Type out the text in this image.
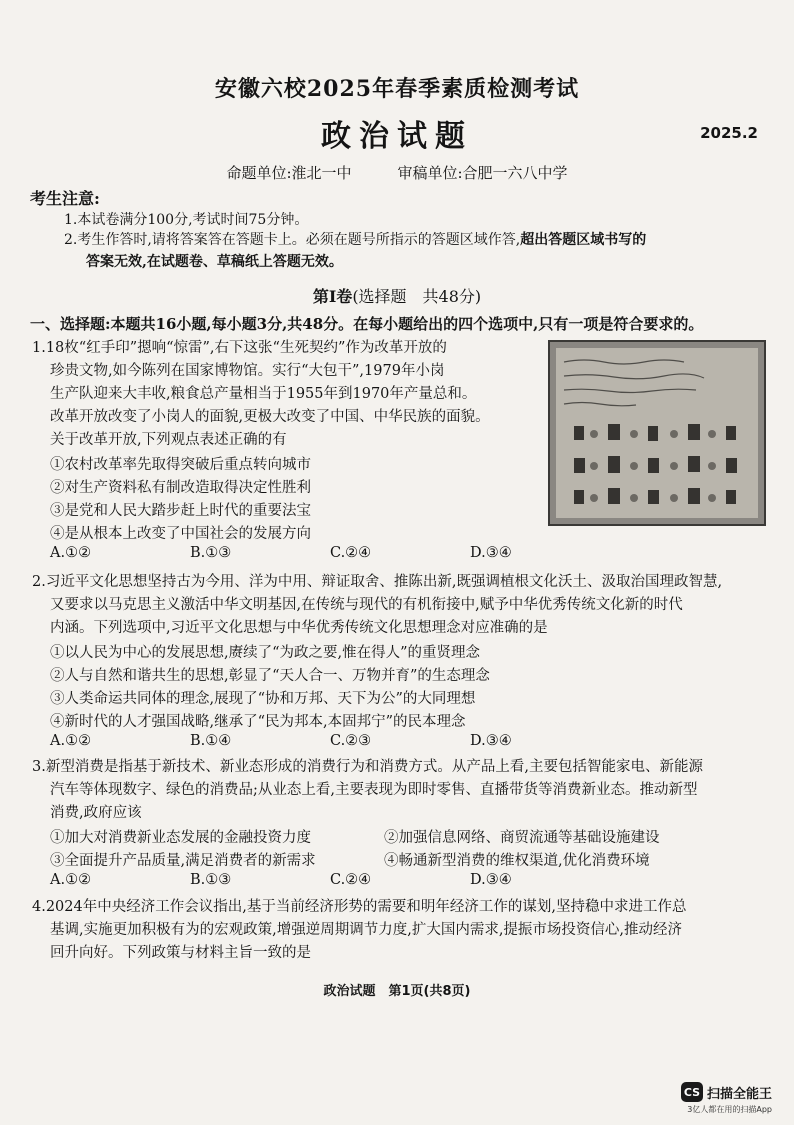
安徽六校2025年春季素质检测考试
政治试题	2025.2
命题单位:淮北一中	审稿单位:合肥一六八中学
考生注意:
1.本试卷满分100分,考试时间75分钟。
2.考生作答时,请将答案答在答题卡上。必须在题号所指示的答题区域作答,超出答题区域书写的
答案无效,在试题卷、草稿纸上答题无效。
第Ⅰ卷(选择题　共48分)
一、选择题:本题共16小题,每小题3分,共48分。在每小题给出的四个选项中,只有一项是符合要求的。
1.18枚“红手印”摁响“惊雷”,右下这张“生死契约”作为改革开放的
珍贵文物,如今陈列在国家博物馆。实行“大包干”,1979年小岗
生产队迎来大丰收,粮食总产量相当于1955年到1970年产量总和。
改革开放改变了小岗人的面貌,更极大改变了中国、中华民族的面貌。
关于改革开放,下列观点表述正确的有
①农村改革率先取得突破后重点转向城市
②对生产资料私有制改造取得决定性胜利
③是党和人民大踏步赶上时代的重要法宝
④是从根本上改变了中国社会的发展方向
A.①②	B.①③	C.②④	D.③④
2.习近平文化思想坚持古为今用、洋为中用、辩证取舍、推陈出新,既强调植根文化沃土、汲取治国理政智慧,
又要求以马克思主义激活中华文明基因,在传统与现代的有机衔接中,赋予中华优秀传统文化新的时代
内涵。下列选项中,习近平文化思想与中华优秀传统文化思想理念对应准确的是
①以人民为中心的发展思想,赓续了“为政之要,惟在得人”的重贤理念
②人与自然和谐共生的思想,彰显了“天人合一、万物并育”的生态理念
③人类命运共同体的理念,展现了“协和万邦、天下为公”的大同理想
④新时代的人才强国战略,继承了“民为邦本,本固邦宁”的民本理念
A.①②	B.①④	C.②③	D.③④
3.新型消费是指基于新技术、新业态形成的消费行为和消费方式。从产品上看,主要包括智能家电、新能源
汽车等体现数字、绿色的消费品;从业态上看,主要表现为即时零售、直播带货等消费新业态。推动新型
消费,政府应该
①加大对消费新业态发展的金融投资力度	②加强信息网络、商贸流通等基础设施建设
③全面提升产品质量,满足消费者的新需求	④畅通新型消费的维权渠道,优化消费环境
A.①②	B.①③	C.②④	D.③④
4.2024年中央经济工作会议指出,基于当前经济形势的需要和明年经济工作的谋划,坚持稳中求进工作总
基调,实施更加积极有为的宏观政策,增强逆周期调节力度,扩大国内需求,提振市场投资信心,推动经济
回升向好。下列政策与材料主旨一致的是
政治试题　第1页(共8页)
CS 扫描全能王
3亿人都在用的扫描App
